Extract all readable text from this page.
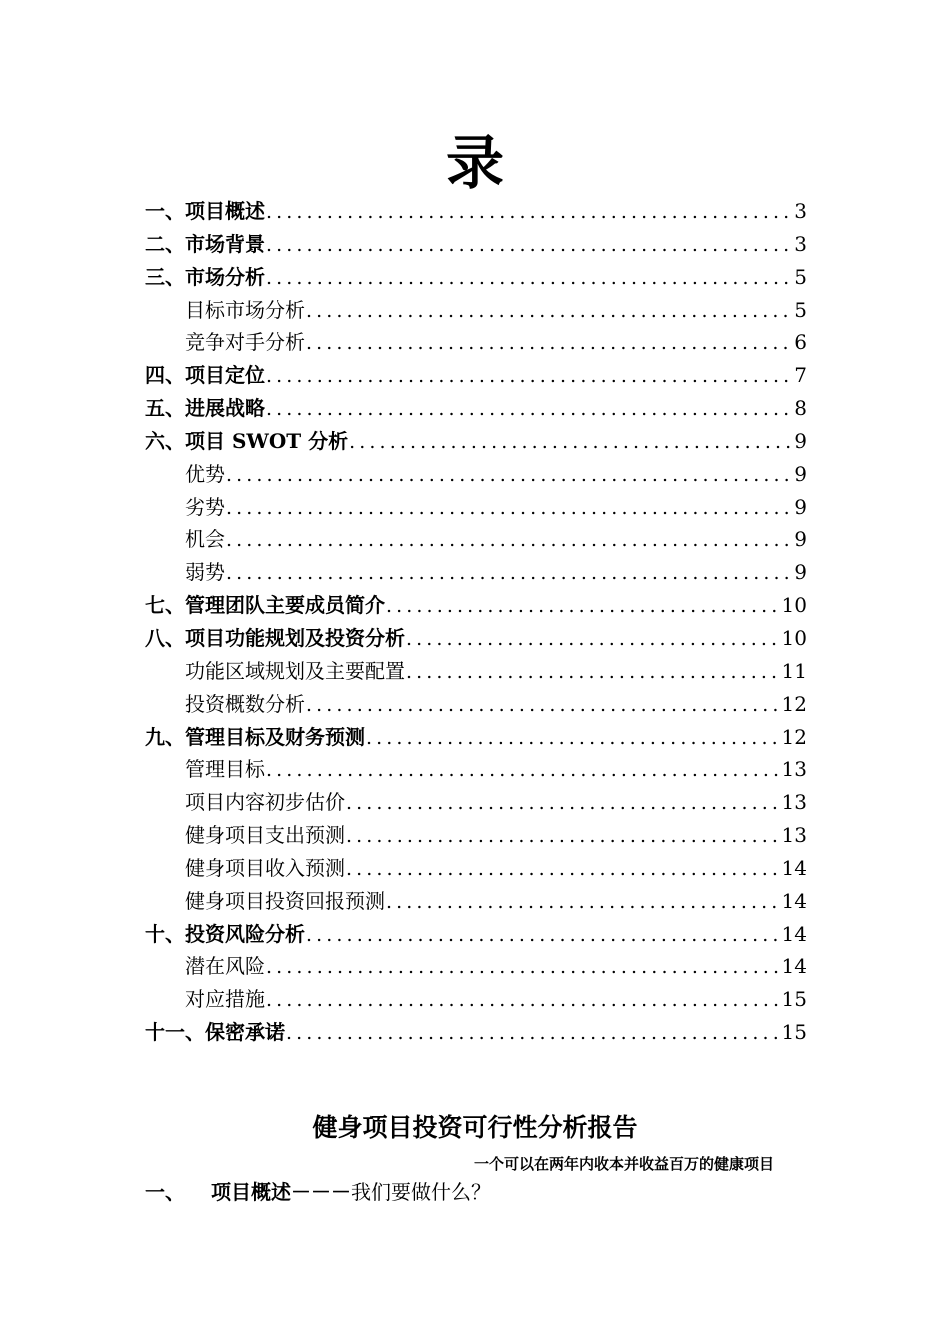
录
一、项目概述 .....	3
二、市场背景 .....	3
三、市场分析 .....	5
目标市场分析 .....	5
竞争对手分析 .....	6
四、项目定位 .....	7
五、进展战略 .....	8
六、项目 SWOT 分析 .....	9
优势 .....	9
劣势 .....	9
机会 .....	9
弱势 .....	9
七、管理团队主要成员简介 .....	10
八、项目功能规划及投资分析 .....	10
功能区域规划及主要配置 .....	11
投资概数分析 .....	12
九、管理目标及财务预测 .....	12
管理目标 .....	13
项目内容初步估价 .....	13
健身项目支出预测 .....	13
健身项目收入预测 .....	14
健身项目投资回报预测 .....	14
十、投资风险分析 .....	14
潜在风险 .....	14
对应措施 .....	15
十一、保密承诺 .....	15
健身项目投资可行性分析报告

一个可以在两年内收本并收益百万的健康项目

一、 项目概述－－－我们要做什么？
